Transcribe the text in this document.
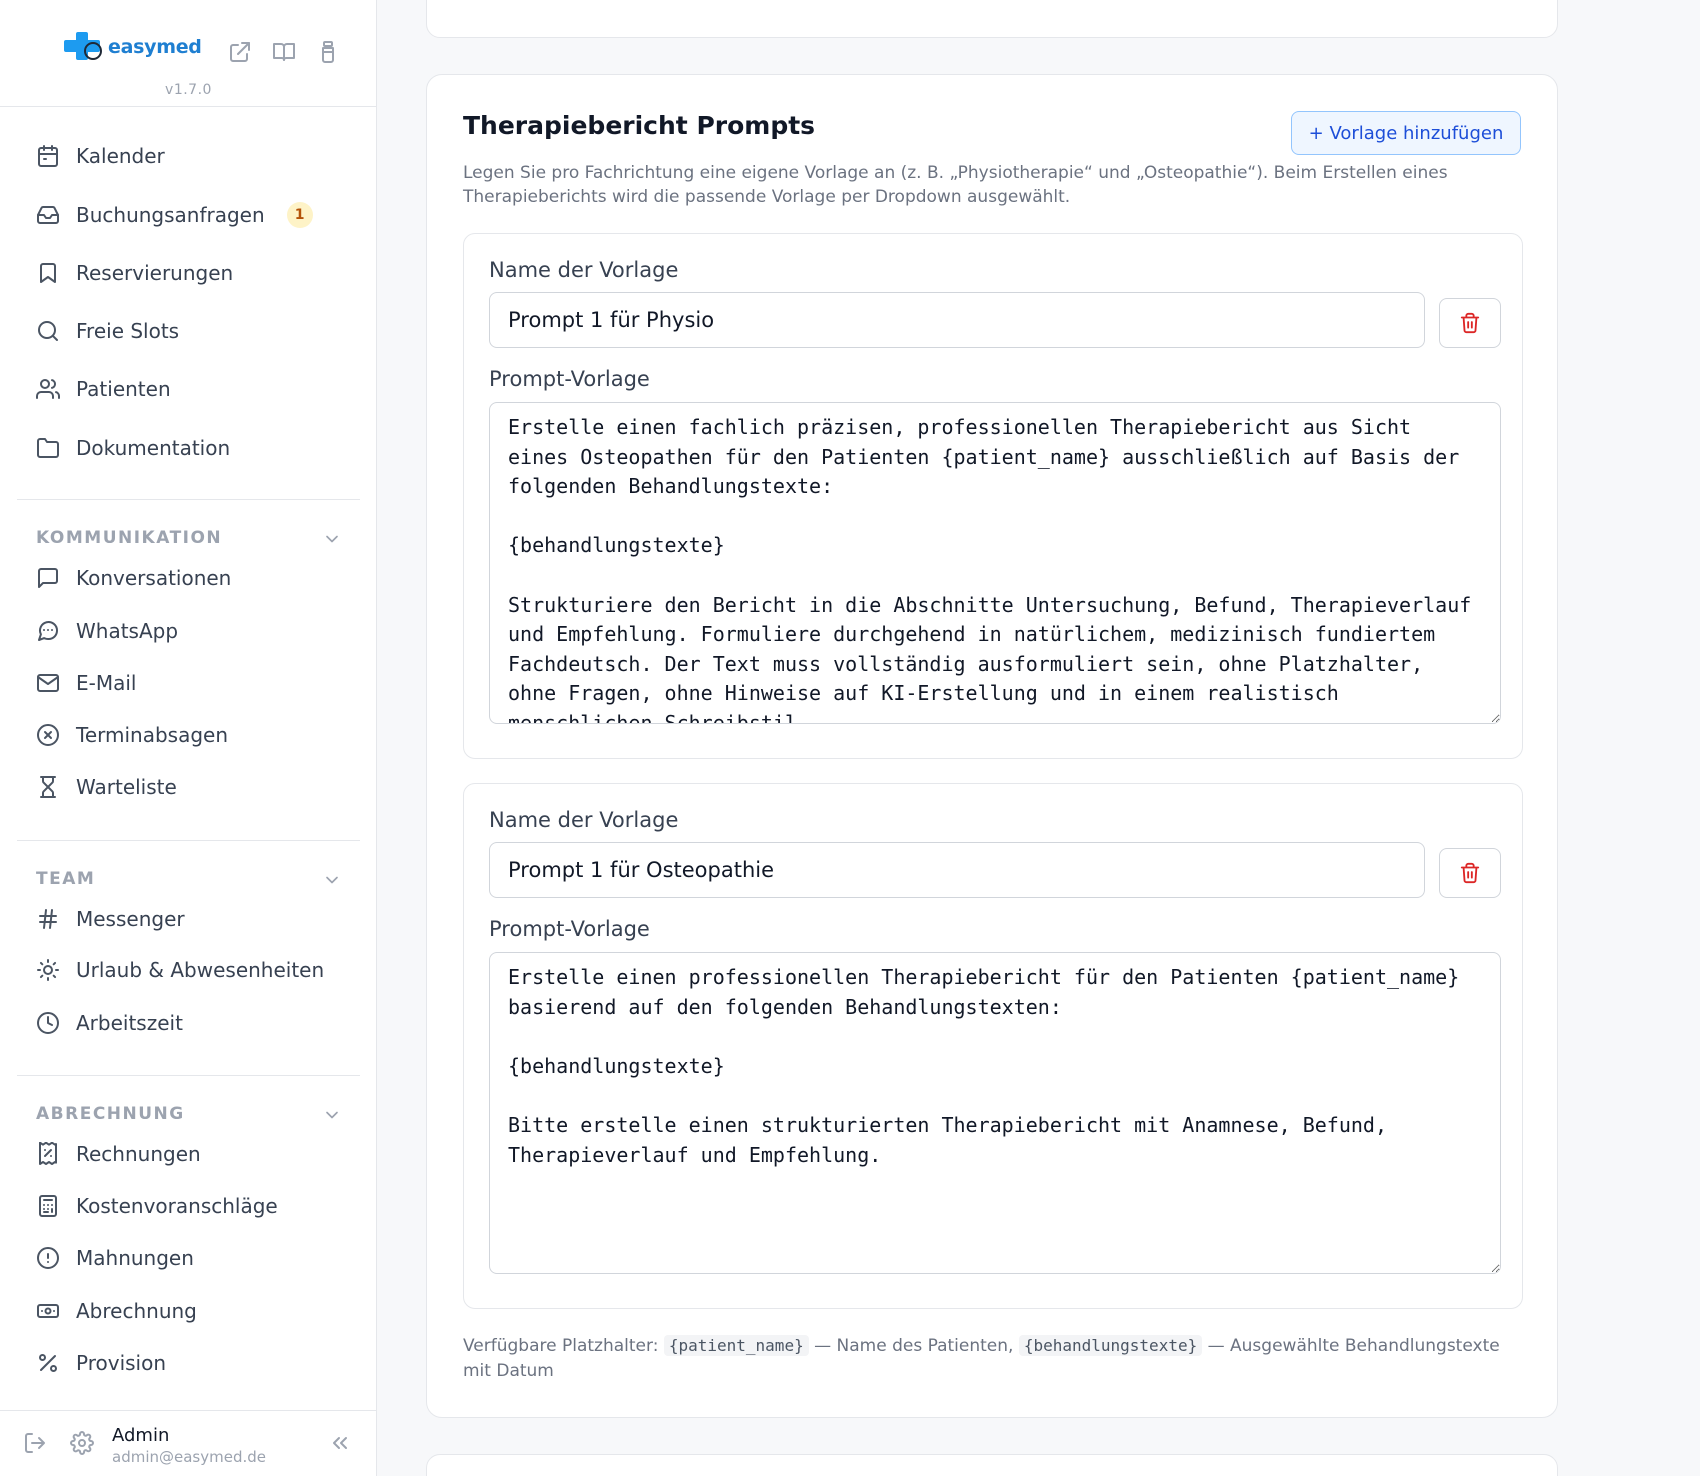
easymed
v1.7.0
Kalender
Buchungsanfragen	1
Reservierungen
Freie Slots
Patienten
Dokumentation
KOMMUNIKATION
Konversationen
WhatsApp
E-Mail
Terminabsagen
Warteliste
TEAM
Messenger
Urlaub & Abwesenheiten
Arbeitszeit
ABRECHNUNG
Rechnungen
Kostenvoranschläge
Mahnungen
Abrechnung
Provision
Admin
admin@easymed.de
Therapiebericht Prompts	+ Vorlage hinzufügen

Legen Sie pro Fachrichtung eine eigene Vorlage an (z. B. „Physiotherapie“ und „Osteopathie“). Beim Erstellen eines Therapieberichts wird die passende Vorlage per Dropdown ausgewählt.

Name der Vorlage
Prompt 1 für Physio
Prompt-Vorlage
Erstelle einen fachlich präzisen, professionellen Therapiebericht aus Sicht eines Osteopathen für den Patienten {patient_name} ausschließlich auf Basis der folgenden Behandlungstexte: {behandlungstexte} Strukturiere den Bericht in die Abschnitte Untersuchung, Befund, Therapieverlauf und Empfehlung. Formuliere durchgehend in natürlichem, medizinisch fundiertem Fachdeutsch. Der Text muss vollständig ausformuliert sein, ohne Platzhalter, ohne Fragen, ohne Hinweise auf KI-Erstellung und in einem realistisch menschlichen Schreibstil.
Name der Vorlage
Prompt 1 für Osteopathie
Prompt-Vorlage
Erstelle einen professionellen Therapiebericht für den Patienten {patient_name} basierend auf den folgenden Behandlungstexten: {behandlungstexte} Bitte erstelle einen strukturierten Therapiebericht mit Anamnese, Befund, Therapieverlauf und Empfehlung.

Verfügbare Platzhalter: {patient_name} — Name des Patienten, {behandlungstexte} — Ausgewählte Behandlungstexte mit Datum
